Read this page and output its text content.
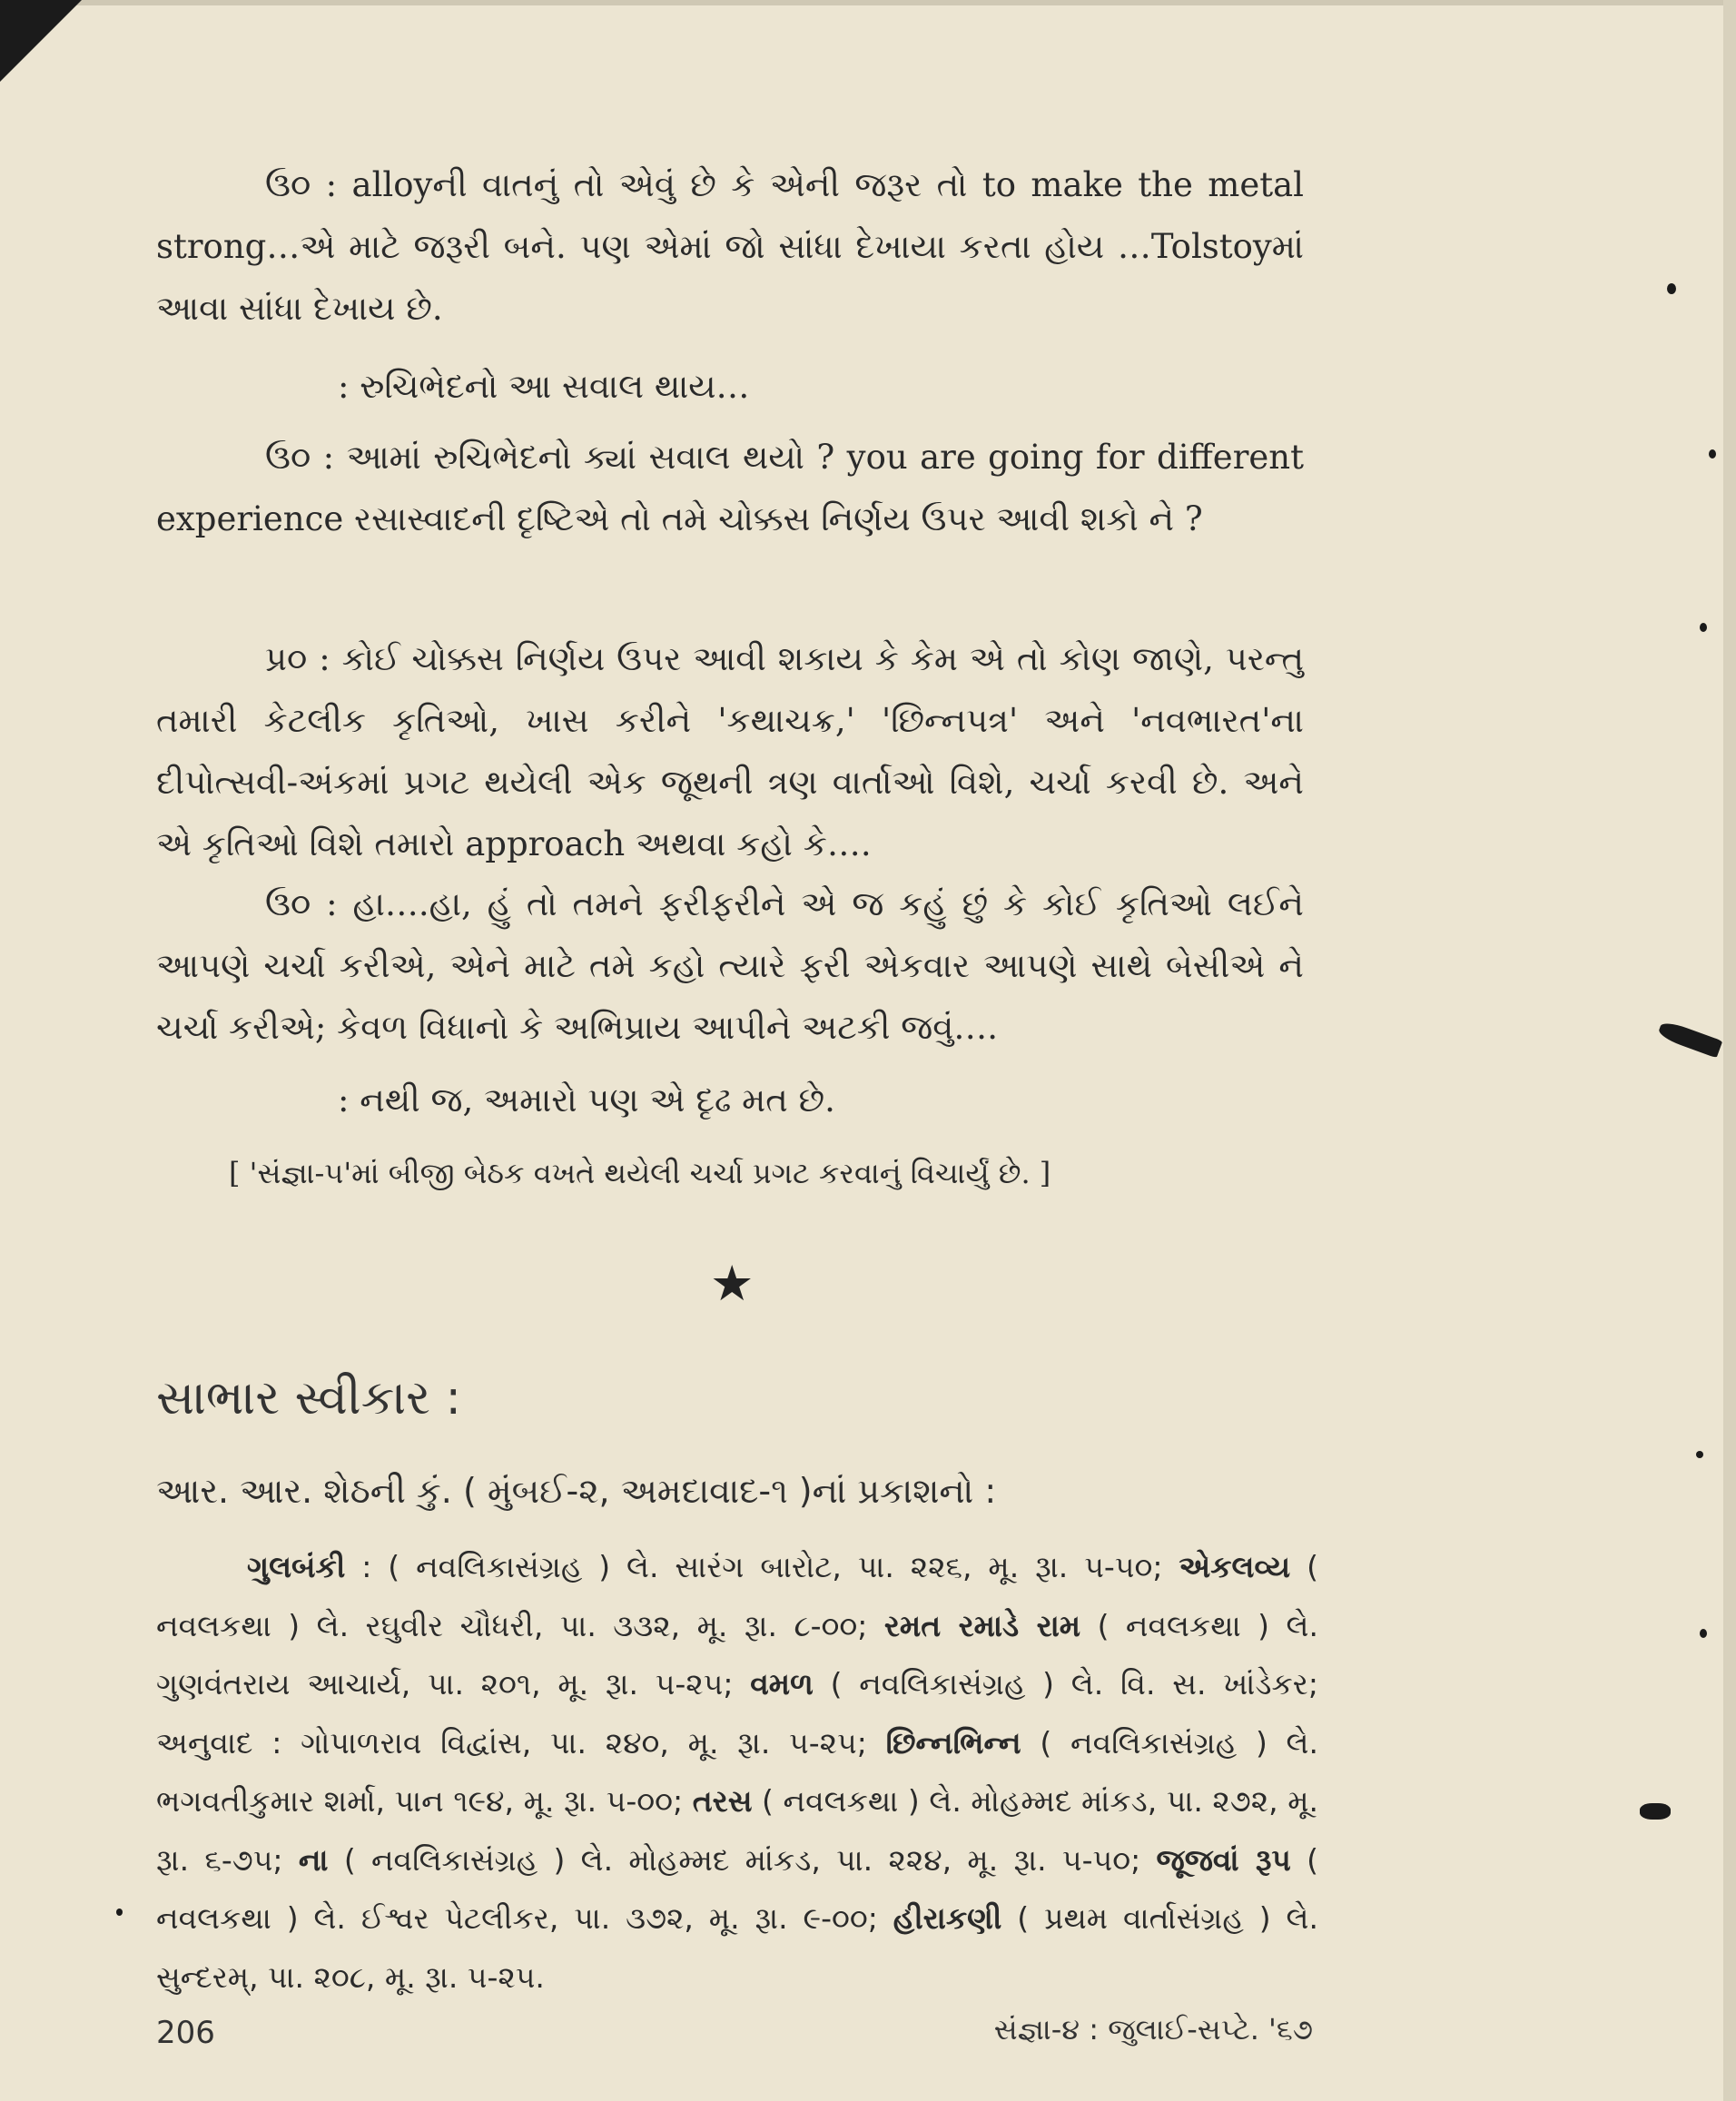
ઉ૦ : alloyની વાતનું તો એવું છે કે એની જરૂર તો to make the metal strong…એ માટે જરૂરી બને. પણ એમાં જો સાંધા દેખાયા કરતા હોય …Tolstoyમાં આવા સાંધા દેખાય છે.

: રુચિભેદનો આ સવાલ થાય…

ઉ૦ : આમાં રુચિભેદનો ક્યાં સવાલ થયો ? you are going for different experience રસાસ્વાદની દૃષ્ટિએ તો તમે ચોક્કસ નિર્ણય ઉપર આવી શકો ને ?

પ્ર૦ : કોઈ ચોક્કસ નિર્ણય ઉપર આવી શકાય કે કેમ એ તો કોણ જાણે, પરન્તુ તમારી કેટલીક કૃતિઓ, ખાસ કરીને 'કથાચક્ર,' 'છિન્નપત્ર' અને 'નવભારત'ના દીપોત્સવી-અંકમાં પ્રગટ થયેલી એક જૂથની ત્રણ વાર્તાઓ વિશે, ચર્ચા કરવી છે. અને એ કૃતિઓ વિશે તમારો approach અથવા કહો કે….

ઉ૦ : હા….હા, હું તો તમને ફરીફરીને એ જ કહું છું કે કોઈ કૃતિઓ લઈને આપણે ચર્ચા કરીએ, એને માટે તમે કહો ત્યારે ફરી એકવાર આપણે સાથે બેસીએ ને ચર્ચા કરીએ; કેવળ વિધાનો કે અભિપ્રાય આપીને અટકી જવું….

: નથી જ, અમારો પણ એ દૃઢ મત છે.
[ 'સંજ્ઞા-૫'માં બીજી બેઠક વખતે થયેલી ચર્ચા પ્રગટ કરવાનું વિચાર્યું છે. ]
★
સાભાર સ્વીકાર :
આર. આર. શેઠની કું. ( મુંબઈ-૨, અમદાવાદ-૧ )નાં પ્રકાશનો :
ગુલબંકી : ( નવલિકાસંગ્રહ ) લે. સારંગ બારોટ, પા. ૨૨૬, મૂ. રૂા. ૫-૫૦; એકલવ્ય ( નવલકથા ) લે. રઘુવીર ચૌધરી, પા. ૩૩૨, મૂ. રૂા. ૮-૦૦; રમત રમાડે રામ ( નવલકથા ) લે. ગુણવંતરાય આચાર્ય, પા. ૨૦૧, મૂ. રૂા. ૫-૨૫; વમળ ( નવલિકાસંગ્રહ ) લે. વિ. સ. ખાંડેકર; અનુવાદ : ગોપાળરાવ વિદ્વાંસ, પા. ૨૪૦, મૂ. રૂા. ૫-૨૫; છિન્નભિન્ન ( નવલિકાસંગ્રહ ) લે. ભગવતીકુમાર શર્મા, પાન ૧૯૪, મૂ. રૂા. ૫-૦૦; તરસ ( નવલકથા ) લે. મોહમ્મદ માંકડ, પા. ૨૭૨, મૂ. રૂા. ૬-૭૫; ના ( નવલિકાસંગ્રહ ) લે. મોહમ્મદ માંકડ, પા. ૨૨૪, મૂ. રૂા. ૫-૫૦; જૂજવાં રૂપ ( નવલકથા ) લે. ઈશ્વર પેટલીકર, પા. ૩૭૨, મૂ. રૂા. ૯-૦૦; હીરાકણી ( પ્રથમ વાર્તાસંગ્રહ ) લે. સુન્દરમ્, પા. ૨૦૮, મૂ. રૂા. ૫-૨૫.
206	સંજ્ઞા-૪ : જુલાઈ-સપ્ટે. '૬૭
